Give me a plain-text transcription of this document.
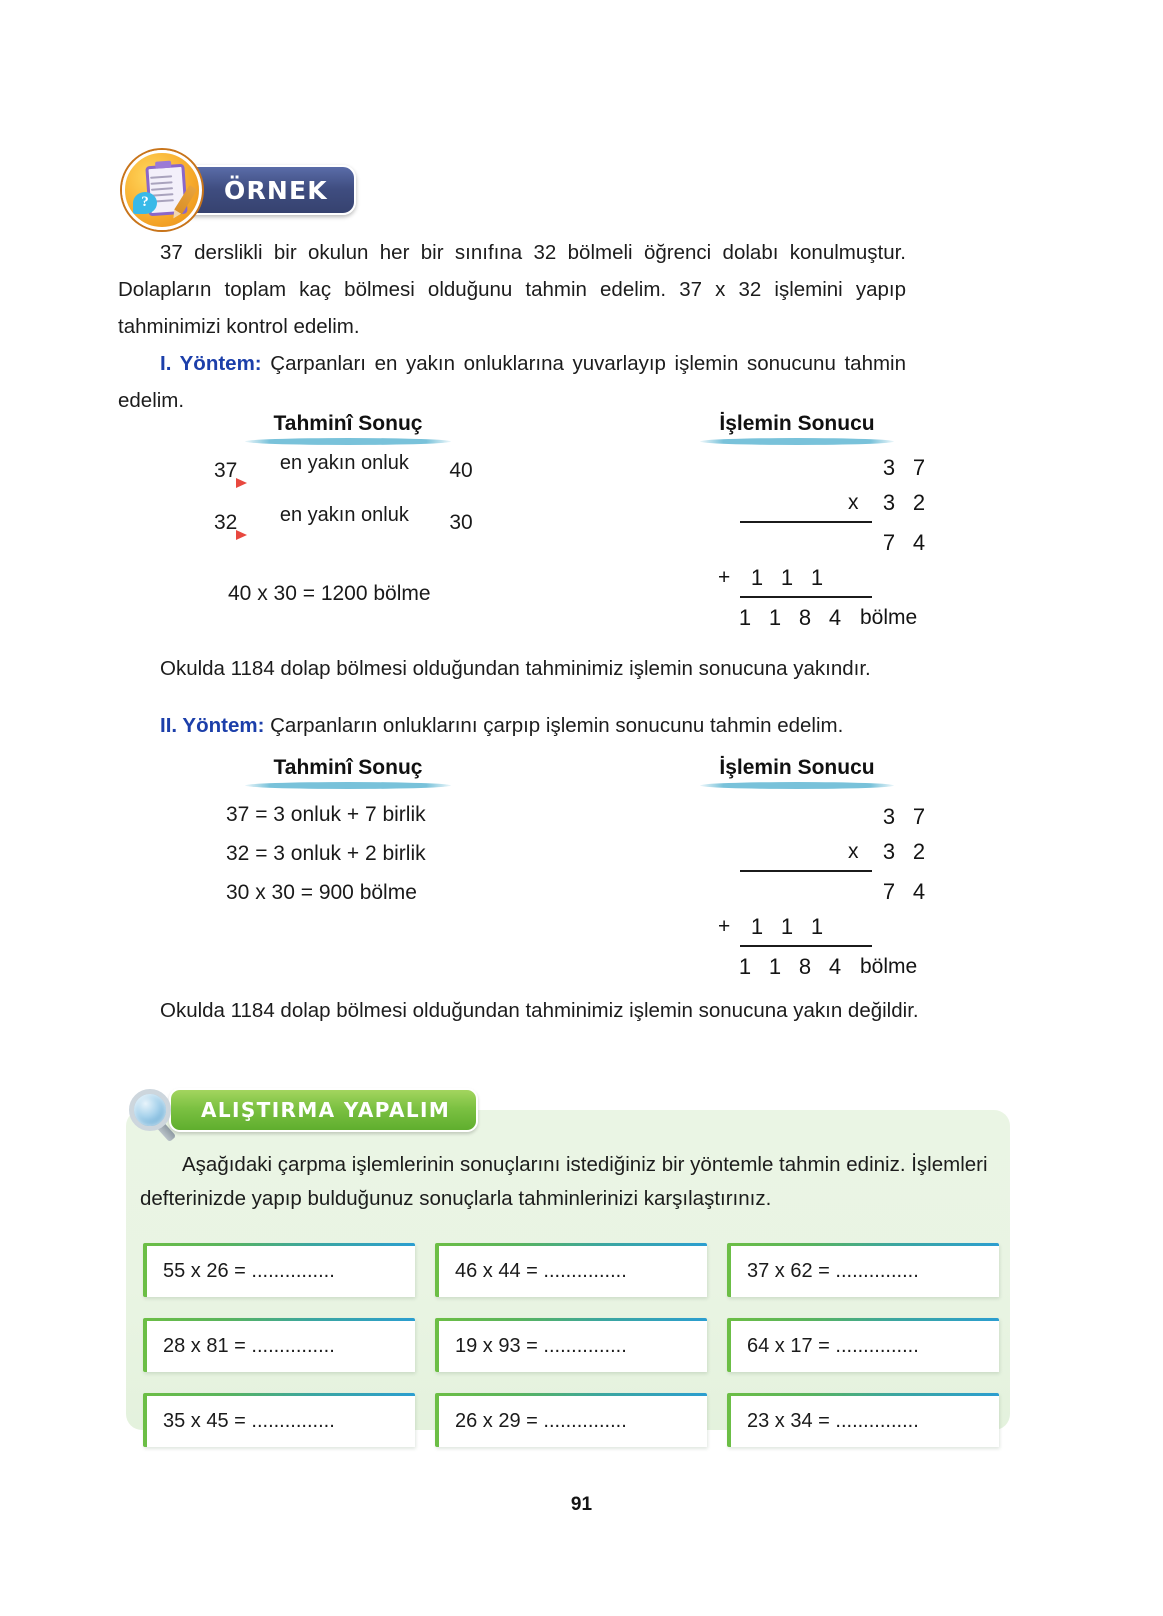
?	ÖRNEK
37 derslikli bir okulun her bir sınıfına 32 bölmeli öğrenci dolabı konulmuştur. Dolapların toplam kaç bölmesi olduğunu tahmin edelim. 37 x 32 işlemini yapıp tahminimizi kontrol edelim.
I. Yöntem: Çarpanları en yakın onluklarına yuvarlayıp işlemin sonucunu tahmin edelim.
Tahminî Sonuç	İşlemin Sonucu
37	en yakın onluk	40
32	en yakın onluk	30
40 x 30 = 1200 bölme
3 7
x	3 2
7 4
+ 1 1 1
1 1 8 4 bölme
Okulda 1184 dolap bölmesi olduğundan tahminimiz işlemin sonucuna yakındır.
II. Yöntem: Çarpanların onluklarını çarpıp işlemin sonucunu tahmin edelim.
Tahminî Sonuç	İşlemin Sonucu
37 = 3 onluk + 7 birlik
32 = 3 onluk + 2 birlik
30 x 30 = 900 bölme
3 7
x	3 2
7 4
+ 1 1 1
1 1 8 4 bölme
Okulda 1184 dolap bölmesi olduğundan tahminimiz işlemin sonucuna yakın değildir.
ALIŞTIRMA YAPALIM
Aşağıdaki çarpma işlemlerinin sonuçlarını istediğiniz bir yöntemle tahmin ediniz. İşlemleri defterinizde yapıp bulduğunuz sonuçlarla tahminlerinizi karşılaştırınız.
55 x 26 = ...............	46 x 44 = ...............	37 x 62 = ...............
28 x 81 = ...............	19 x 93 = ...............	64 x 17 = ...............
35 x 45 = ...............	26 x 29 = ...............	23 x 34 = ...............
91
